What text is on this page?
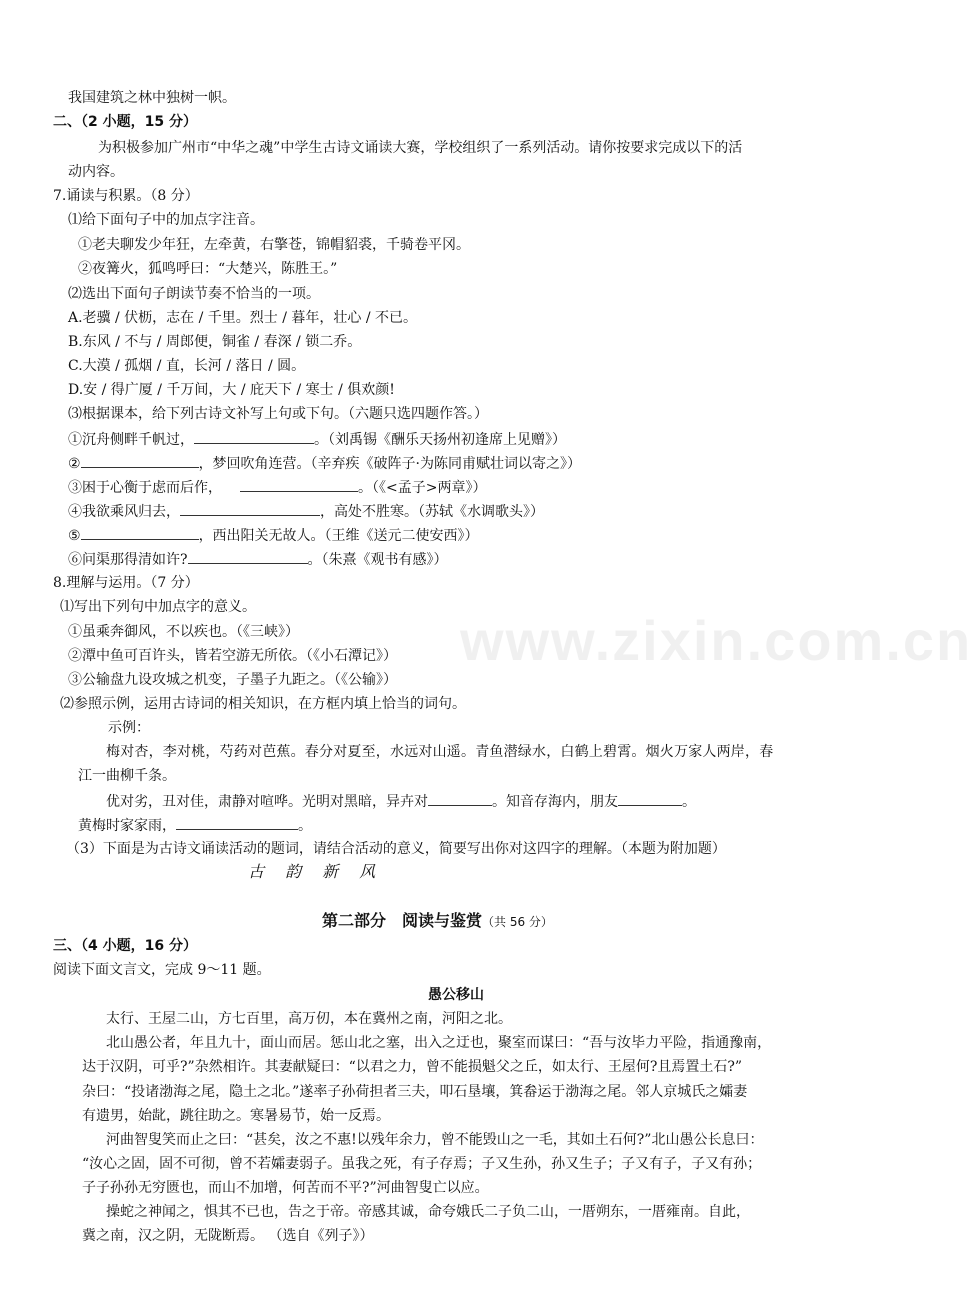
www.zixin.com.cn
我国建筑之林中独树一帜。
二、（2 小题，15 分）
为积极参加广州市“中华之魂”中学生古诗文诵读大赛，学校组织了一系列活动。请你按要求完成以下的活
动内容。
7.诵读与积累。（8 分）
⑴给下面句子中的加点字注音。
①老夫聊发少年狂，左牵黄，右擎苍，锦帽貂裘，千骑卷平冈。
②夜篝火，狐鸣呼曰：“大楚兴，陈胜王。”
⑵选出下面句子朗读节奏不恰当的一项。
A.老骥 / 伏枥，志在 / 千里。烈士 / 暮年，壮心 / 不已。
B.东风 / 不与 / 周郎便，铜雀 / 春深 / 锁二乔。
C.大漠 / 孤烟 / 直，长河 / 落日 / 圆。
D.安 / 得广厦 / 千万间，大 / 庇天下 / 寒士 / 俱欢颜!
⑶根据课本，给下列古诗文补写上句或下句。（六题只选四题作答。）
①沉舟侧畔千帆过，	。（刘禹锡《酬乐天扬州初逢席上见赠》）
②	，梦回吹角连营。（辛弃疾《破阵子·为陈同甫赋壮词以寄之》）
③困于心衡于虑而后作，	。（《<孟子>两章》）
④我欲乘风归去，	，高处不胜寒。（苏轼《水调歌头》）
⑤	，西出阳关无故人。（王维《送元二使安西》）
⑥问渠那得清如许?	。（朱熹《观书有感》）
8.理解与运用。（7 分）
⑴写出下列句中加点字的意义。
①虽乘奔御风，不以疾也。（《三峡》）
②潭中鱼可百许头，皆若空游无所依。（《小石潭记》）
③公输盘九设攻城之机变，子墨子九距之。（《公输》）
⑵参照示例，运用古诗词的相关知识，在方框内填上恰当的词句。
示例：
梅对杏，李对桃，芍药对芭蕉。春分对夏至，水远对山遥。青鱼潜绿水，白鹤上碧霄。烟火万家人两岸，春
江一曲柳千条。
优对劣，丑对佳，肃静对喧哗。光明对黑暗，异卉对	。知音存海内，朋友	。
黄梅时家家雨，	。
（3）下面是为古诗文诵读活动的题词，请结合活动的意义，简要写出你对这四字的理解。（本题为附加题）
古 韵 新 风
第二部分　阅读与鉴赏（共 56 分）
三、（4 小题，16 分）
阅读下面文言文，完成 9～11 题。
愚公移山
太行、王屋二山，方七百里，高万仞，本在冀州之南，河阳之北。
北山愚公者，年且九十，面山而居。惩山北之塞，出入之迂也，聚室而谋曰：“吾与汝毕力平险，指通豫南，
达于汉阴，可乎?”杂然相许。其妻献疑曰：“以君之力，曾不能损魁父之丘，如太行、王屋何?且焉置土石?”
杂曰：“投诸渤海之尾，隐土之北。”遂率子孙荷担者三夫，叩石垦壤，箕畚运于渤海之尾。邻人京城氏之孀妻
有遗男，始龀，跳往助之。寒暑易节，始一反焉。
河曲智叟笑而止之曰：“甚矣，汝之不惠!以残年余力，曾不能毁山之一毛，其如土石何?”北山愚公长息曰：
“汝心之固，固不可彻，曾不若孀妻弱子。虽我之死，有子存焉；子又生孙，孙又生子；子又有子，子又有孙；
子子孙孙无穷匮也，而山不加增，何苦而不平?”河曲智叟亡以应。
操蛇之神闻之，惧其不已也，告之于帝。帝感其诚，命夸娥氏二子负二山，一厝朔东，一厝雍南。自此，
冀之南，汉之阴，无陇断焉。 （选自《列子》）
